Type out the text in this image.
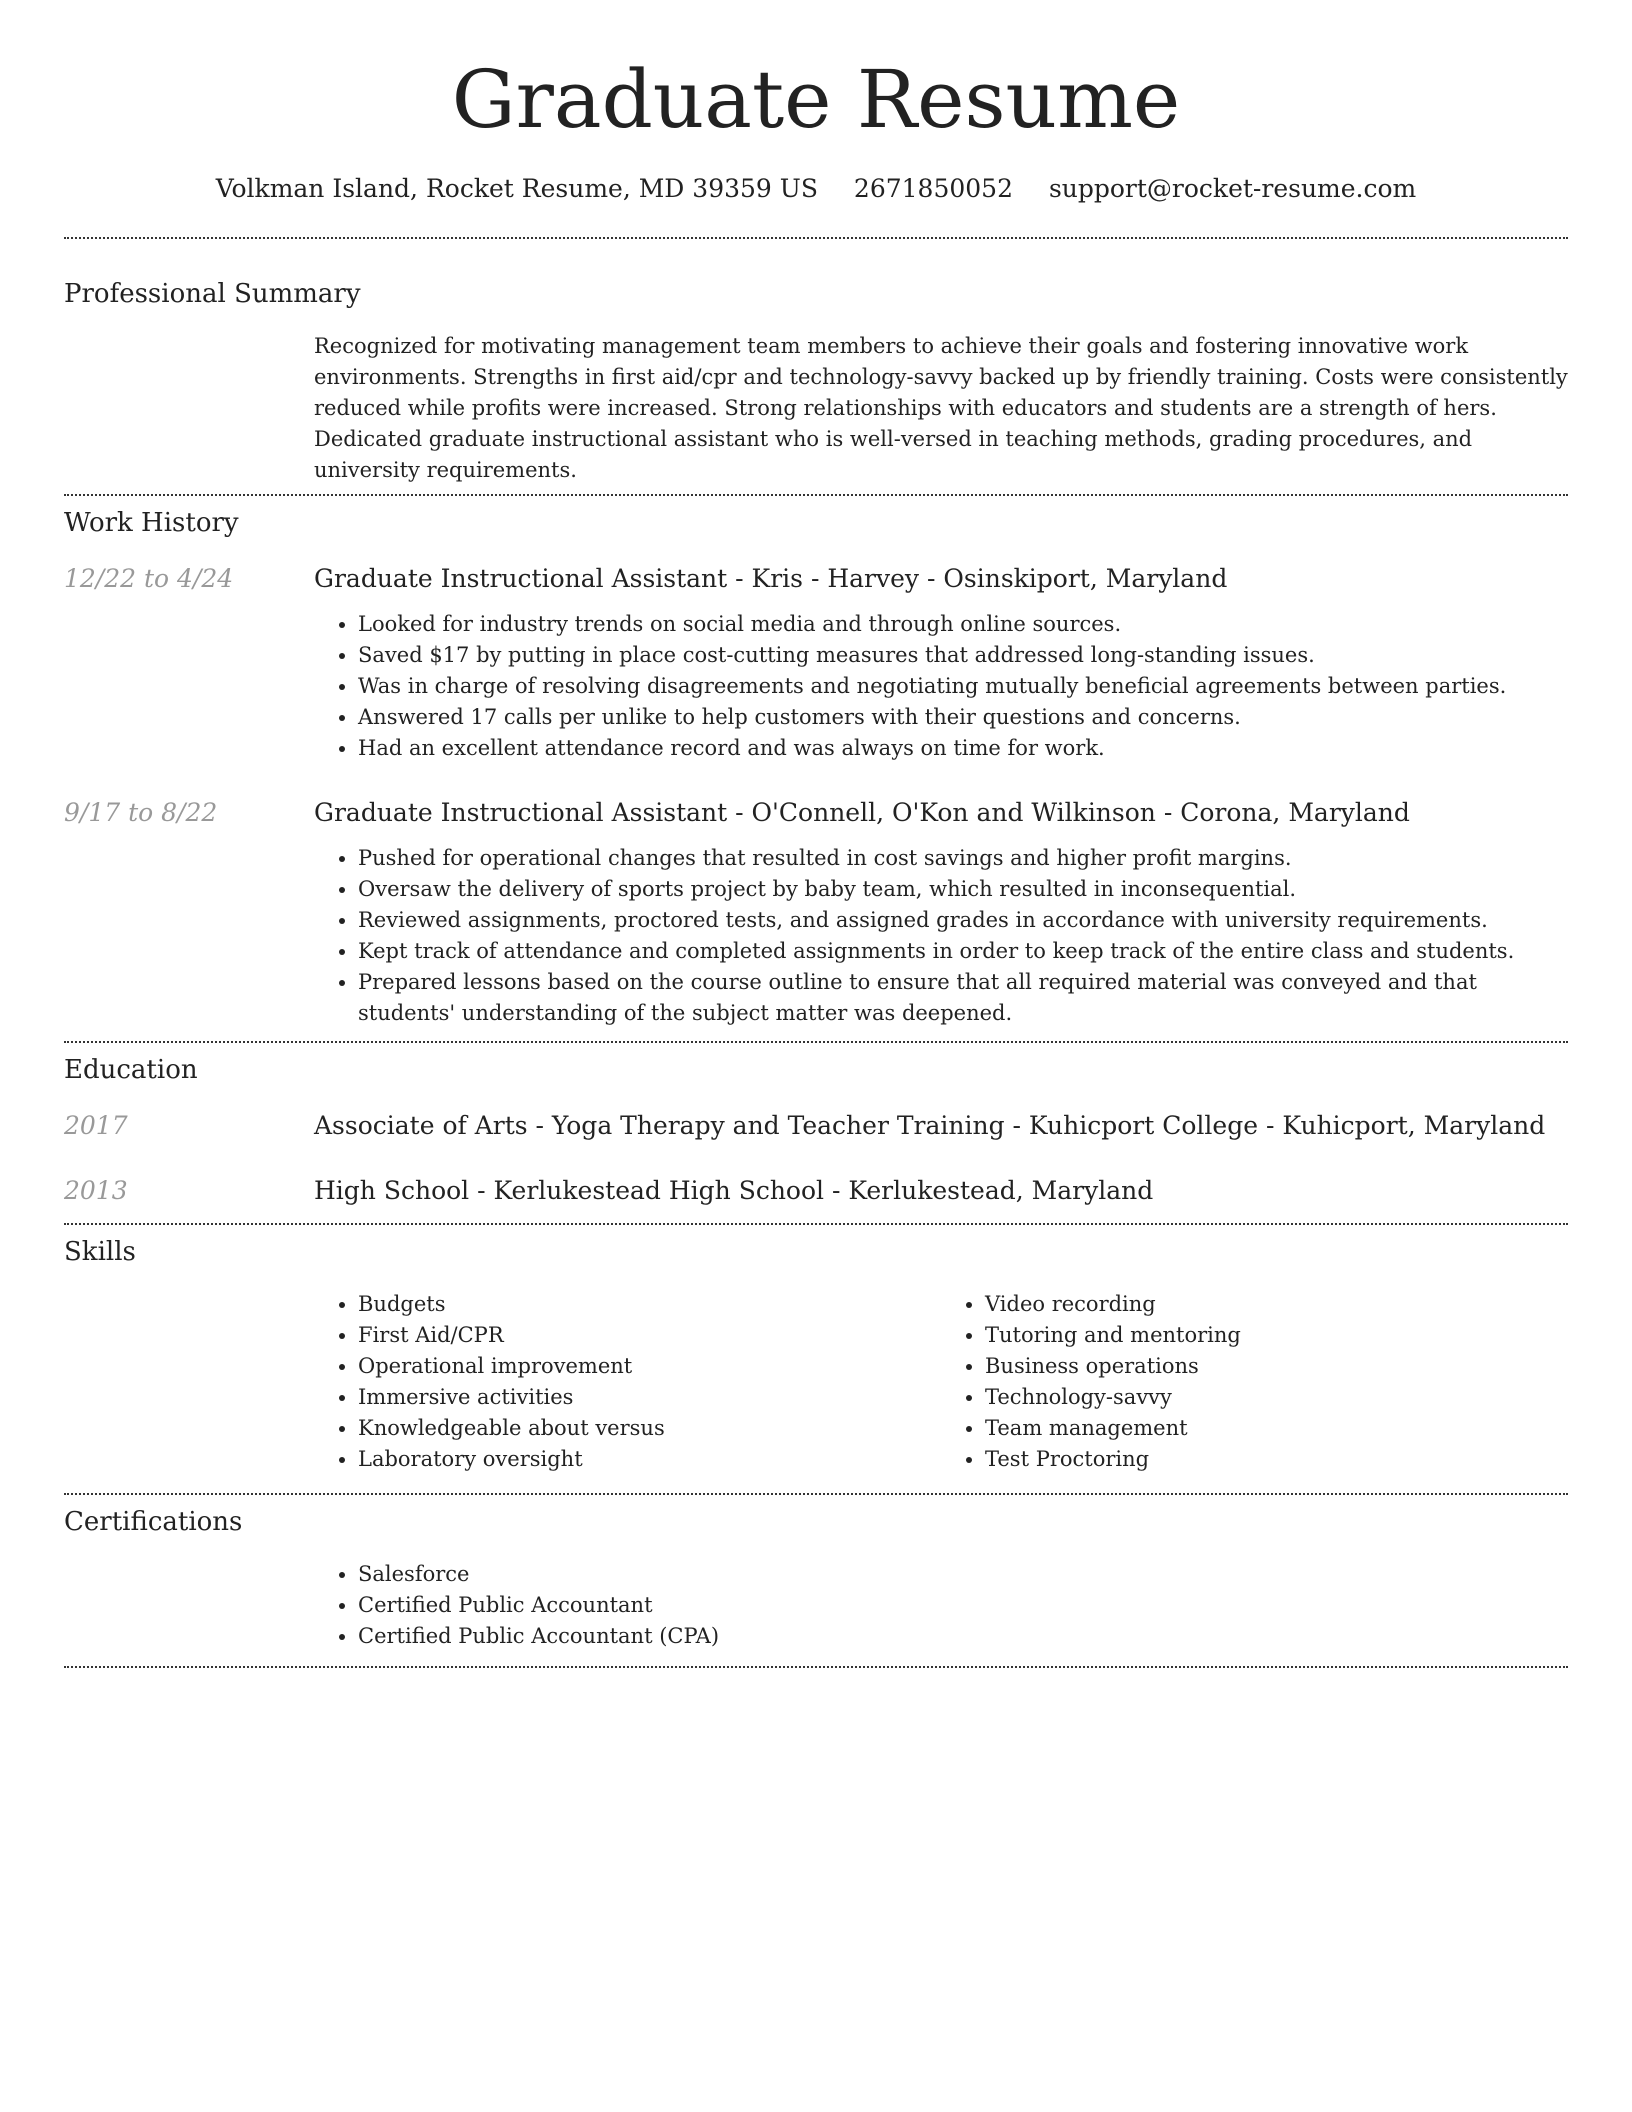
Graduate Resume
Volkman Island, Rocket Resume, MD 39359 US 2671850052 support@rocket-resume.com
Professional Summary
Recognized for motivating management team members to achieve their goals and fostering innovative work environments. Strengths in first aid/cpr and technology-savvy backed up by friendly training. Costs were consistently reduced while profits were increased. Strong relationships with educators and students are a strength of hers. Dedicated graduate instructional assistant who is well-versed in teaching methods, grading procedures, and university requirements.
Work History
12/22 to 4/24	Graduate Instructional Assistant - Kris - Harvey - Osinskiport, Maryland
• Looked for industry trends on social media and through online sources.
• Saved $17 by putting in place cost-cutting measures that addressed long-standing issues.
• Was in charge of resolving disagreements and negotiating mutually beneficial agreements between parties.
• Answered 17 calls per unlike to help customers with their questions and concerns.
• Had an excellent attendance record and was always on time for work.
9/17 to 8/22	Graduate Instructional Assistant - O'Connell, O'Kon and Wilkinson - Corona, Maryland
• Pushed for operational changes that resulted in cost savings and higher profit margins.
• Oversaw the delivery of sports project by baby team, which resulted in inconsequential.
• Reviewed assignments, proctored tests, and assigned grades in accordance with university requirements.
• Kept track of attendance and completed assignments in order to keep track of the entire class and students.
• Prepared lessons based on the course outline to ensure that all required material was conveyed and that students' understanding of the subject matter was deepened.
Education
2017	Associate of Arts - Yoga Therapy and Teacher Training - Kuhicport College - Kuhicport, Maryland
2013	High School - Kerlukestead High School - Kerlukestead, Maryland
Skills
• Budgets
• First Aid/CPR
• Operational improvement
• Immersive activities
• Knowledgeable about versus
• Laboratory oversight
• Video recording
• Tutoring and mentoring
• Business operations
• Technology-savvy
• Team management
• Test Proctoring
Certifications
• Salesforce
• Certified Public Accountant
• Certified Public Accountant (CPA)
